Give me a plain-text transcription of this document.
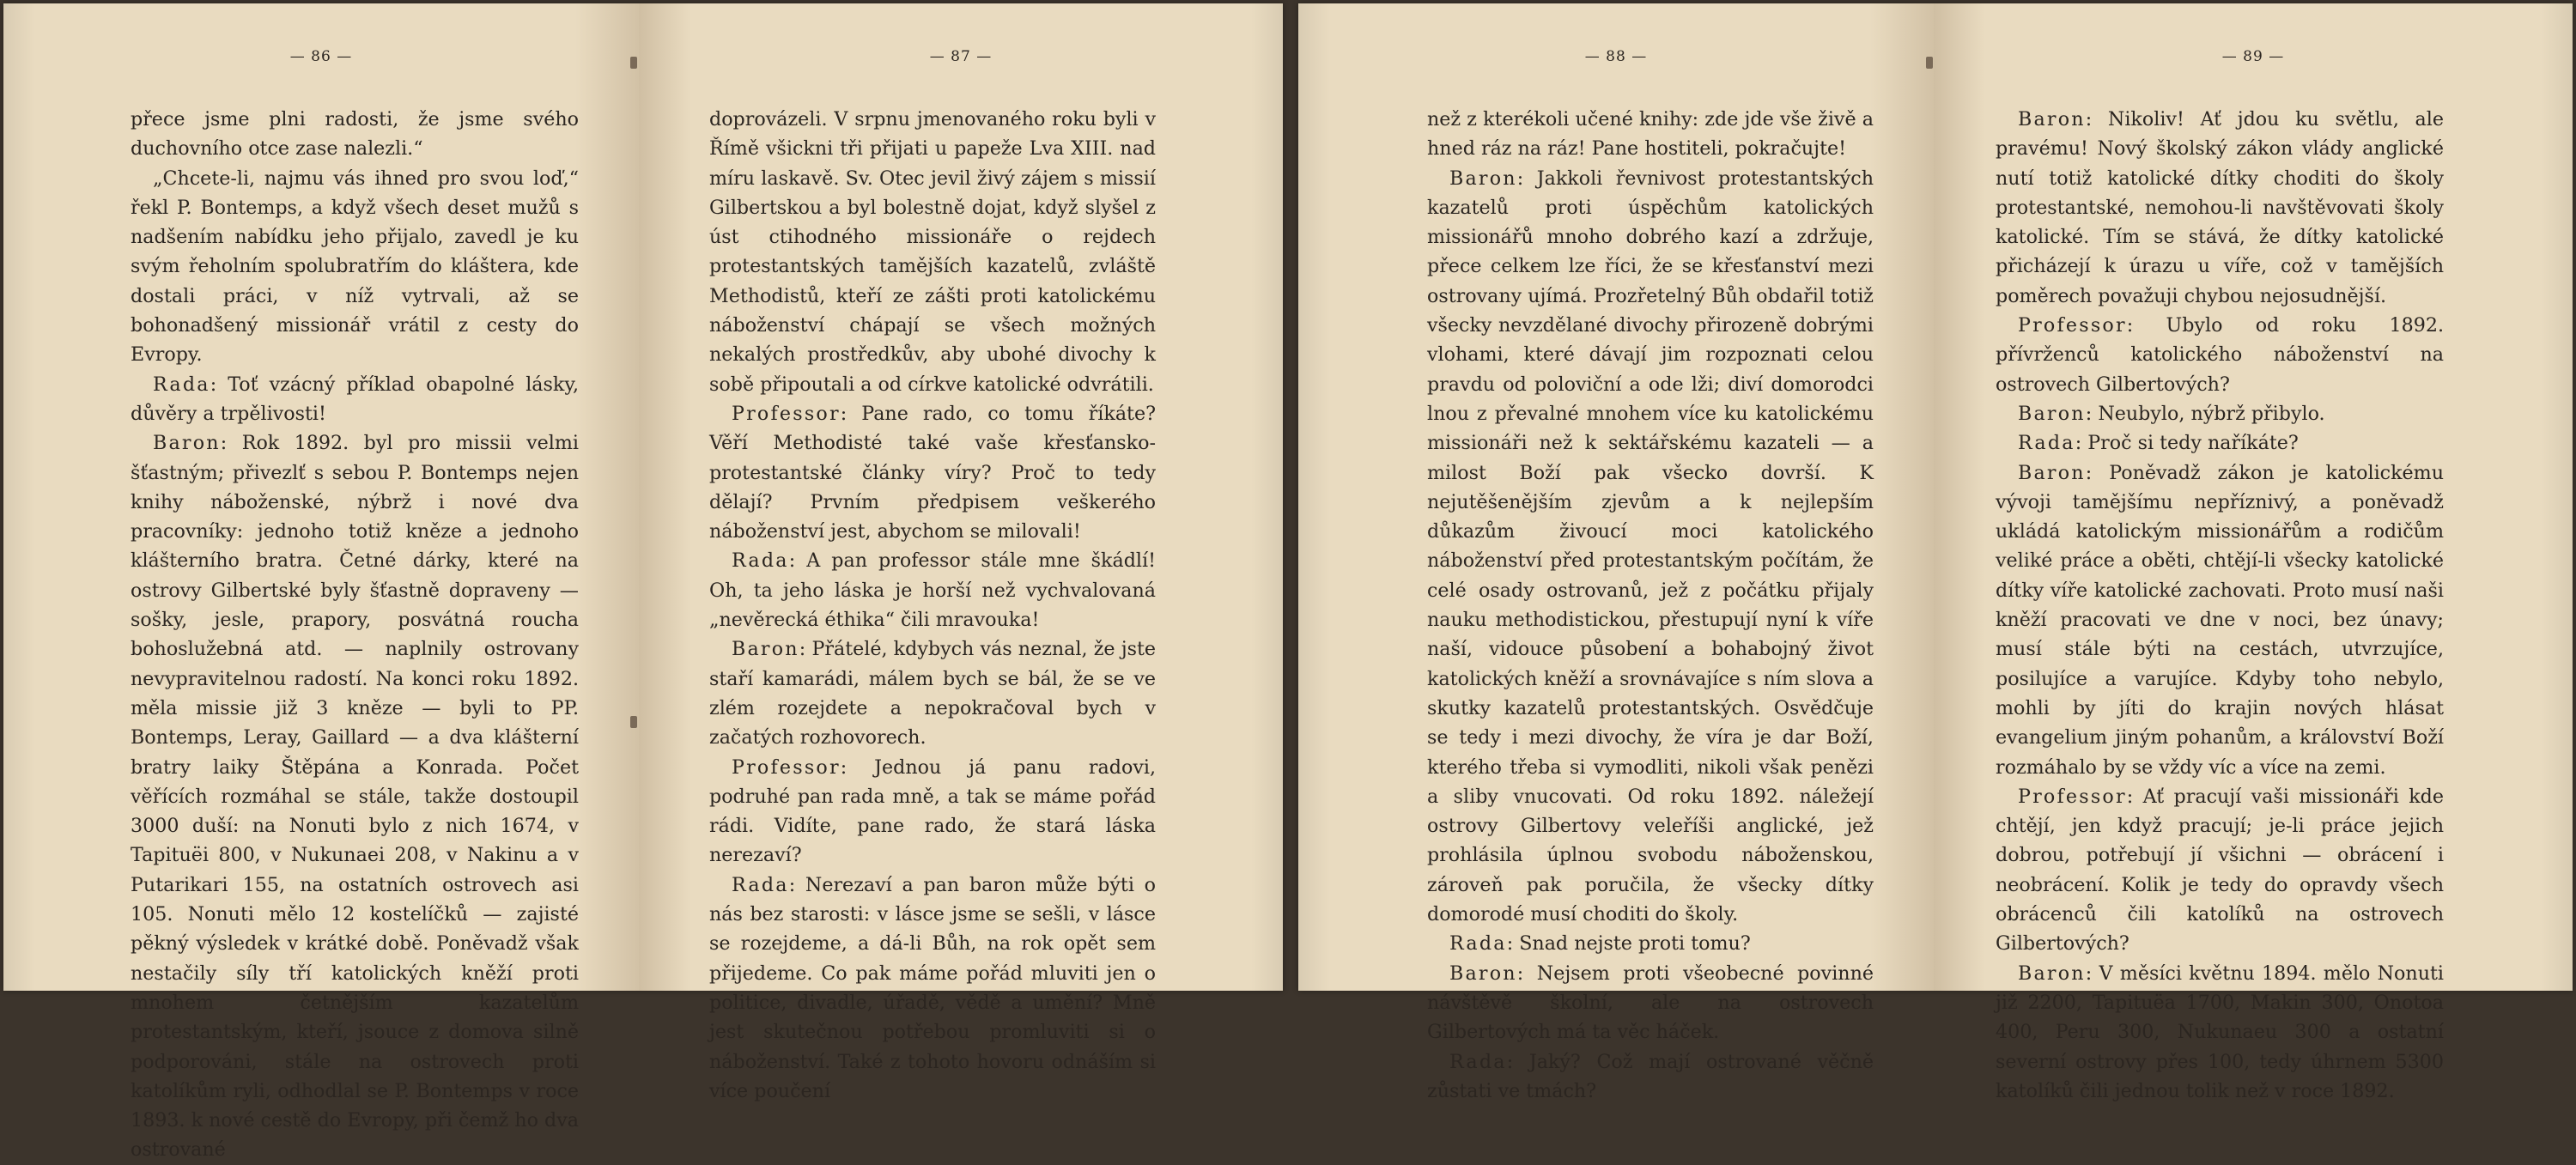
— 86 —

přece jsme plni radosti, že jsme svého duchovního otce zase nalezli.“

„Chcete-li, najmu vás ihned pro svou loď,“ řekl P. Bontemps, a když všech deset mužů s nadšením nabídku jeho přijalo, zavedl je ku svým řeholním spolubratřím do kláštera, kde dostali práci, v níž vytrvali, až se bohonadšený missionář vrátil z cesty do Evropy.

Rada: Toť vzácný příklad obapolné lásky, důvěry a trpělivosti!

Baron: Rok 1892. byl pro missii velmi šťastným; přivezlť s sebou P. Bontemps nejen knihy náboženské, nýbrž i nové dva pracovníky: jednoho totiž kněze a jednoho klášterního bratra. Četné dárky, které na ostrovy Gilbertské byly šťastně dopraveny — sošky, jesle, prapory, posvátná roucha bohoslužebná atd. — naplnily ostrovany nevypravitelnou radostí. Na konci roku 1892. měla missie již 3 kněze — byli to PP. Bontemps, Leray, Gaillard — a dva klášterní bratry laiky Štěpána a Konrada. Počet věřících rozmáhal se stále, takže dostoupil 3000 duší: na Nonuti bylo z nich 1674, v Tapituëi 800, v Nukunaei 208, v Nakinu a v Putarikari 155, na ostatních ostrovech asi 105. Nonuti mělo 12 kostelíčků — zajisté pěkný výsledek v krátké době. Poněvadž však nestačily síly tří katolických kněží proti mnohem četnějším kazatelům protestantským, kteří, jsouce z domova silně podporováni, stále na ostrovech proti katolíkům ryli, odhodlal se P. Bontemps v roce 1893. k nové cestě do Evropy, při čemž ho dva ostrované

— 87 —

doprovázeli. V srpnu jmenovaného roku byli v Římě všickni tři přijati u papeže Lva XIII. nad míru laskavě. Sv. Otec jevil živý zájem s missií Gilbertskou a byl bolestně dojat, když slyšel z úst ctihodného missionáře o rejdech protestantských tamějších kazatelů, zvláště Methodistů, kteří ze zášti proti katolickému náboženství chápají se všech možných nekalých prostředkův, aby ubohé divochy k sobě připoutali a od církve katolické odvrátili.

Professor: Pane rado, co tomu říkáte? Věří Methodisté také vaše křesťansko-protestantské články víry? Proč to tedy dělají? Prvním předpisem veškerého náboženství jest, abychom se milovali!

Rada: A pan professor stále mne škádlí! Oh, ta jeho láska je horší než vychvalovaná „nevěrecká éthika“ čili mravouka!

Baron: Přátelé, kdybych vás neznal, že jste staří kamarádi, málem bych se bál, že se ve zlém rozejdete a nepokračoval bych v začatých rozhovorech.

Professor: Jednou já panu radovi, podruhé pan rada mně, a tak se máme pořád rádi. Vidíte, pane rado, že stará láska nerezaví?

Rada: Nerezaví a pan baron může býti o nás bez starosti: v lásce jsme se sešli, v lásce se rozejdeme, a dá-li Bůh, na rok opět sem přijedeme. Co pak máme pořád mluviti jen o politice, divadle, úřadě, vědě a umění? Mně jest skutečnou potřebou promluviti si o náboženství. Také z tohoto hovoru odnáším si více poučení

— 88 —

než z kterékoli učené knihy: zde jde vše živě a hned ráz na ráz! Pane hostiteli, pokračujte!

Baron: Jakkoli řevnivost protestantských kazatelů proti úspěchům katolických missionářů mnoho dobrého kazí a zdržuje, přece celkem lze říci, že se křesťanství mezi ostrovany ujímá. Prozřetelný Bůh obdařil totiž všecky nevzdělané divochy přirozeně dobrými vlohami, které dávají jim rozpoznati celou pravdu od poloviční a ode lži; diví domorodci lnou z převalné mnohem více ku katolickému missionáři než k sektářskému kazateli — a milost Boží pak všecko dovrší. K nejutěšenějším zjevům a k nejlepším důkazům živoucí moci katolického náboženství před protestantským počítám, že celé osady ostrovanů, jež z počátku přijaly nauku methodistickou, přestupují nyní k víře naší, vidouce působení a bohabojný život katolických kněží a srovnávajíce s ním slova a skutky kazatelů protestantských. Osvědčuje se tedy i mezi divochy, že víra je dar Boží, kterého třeba si vymodliti, nikoli však penězi a sliby vnucovati. Od roku 1892. náležejí ostrovy Gilbertovy veleříši anglické, jež prohlásila úplnou svobodu náboženskou, zároveň pak poručila, že všecky dítky domorodé musí choditi do školy.

Rada: Snad nejste proti tomu?

Baron: Nejsem proti všeobecné povinné návštěvě školní, ale na ostrovech Gilbertových má ta věc háček.

Rada: Jaký? Což mají ostrované věčně zůstati ve tmách?

— 89 —

Baron: Nikoliv! Ať jdou ku světlu, ale pravému! Nový školský zákon vlády anglické nutí totiž katolické dítky choditi do školy protestantské, nemohou-li navštěvovati školy katolické. Tím se stává, že dítky katolické přicházejí k úrazu u víře, což v tamějších poměrech považuji chybou nejosudnější.

Professor: Ubylo od roku 1892. přívrženců katolického náboženství na ostrovech Gilbertových?

Baron: Neubylo, nýbrž přibylo.

Rada: Proč si tedy naříkáte?

Baron: Poněvadž zákon je katolickému vývoji tamějšímu nepříznivý, a poněvadž ukládá katolickým missionářům a rodičům veliké práce a oběti, chtějí-li všecky katolické dítky víře katolické zachovati. Proto musí naši kněží pracovati ve dne v noci, bez únavy; musí stále býti na cestách, utvrzujíce, posilujíce a varujíce. Kdyby toho nebylo, mohli by jíti do krajin nových hlásat evangelium jiným pohanům, a království Boží rozmáhalo by se vždy víc a více na zemi.

Professor: Ať pracují vaši missionáři kde chtějí, jen když pracují; je-li práce jejich dobrou, potřebují jí všichni — obrácení i neobrácení. Kolik je tedy do opravdy všech obrácenců čili katolíků na ostrovech Gilbertových?

Baron: V měsíci květnu 1894. mělo Nonuti již 2200, Tapituëa 1700, Makin 300, Onotoa 400, Peru 300, Nukunaeu 300 a ostatní severní ostrovy přes 100, tedy úhrnem 5300 katolíků čili jednou tolik než v roce 1892.
